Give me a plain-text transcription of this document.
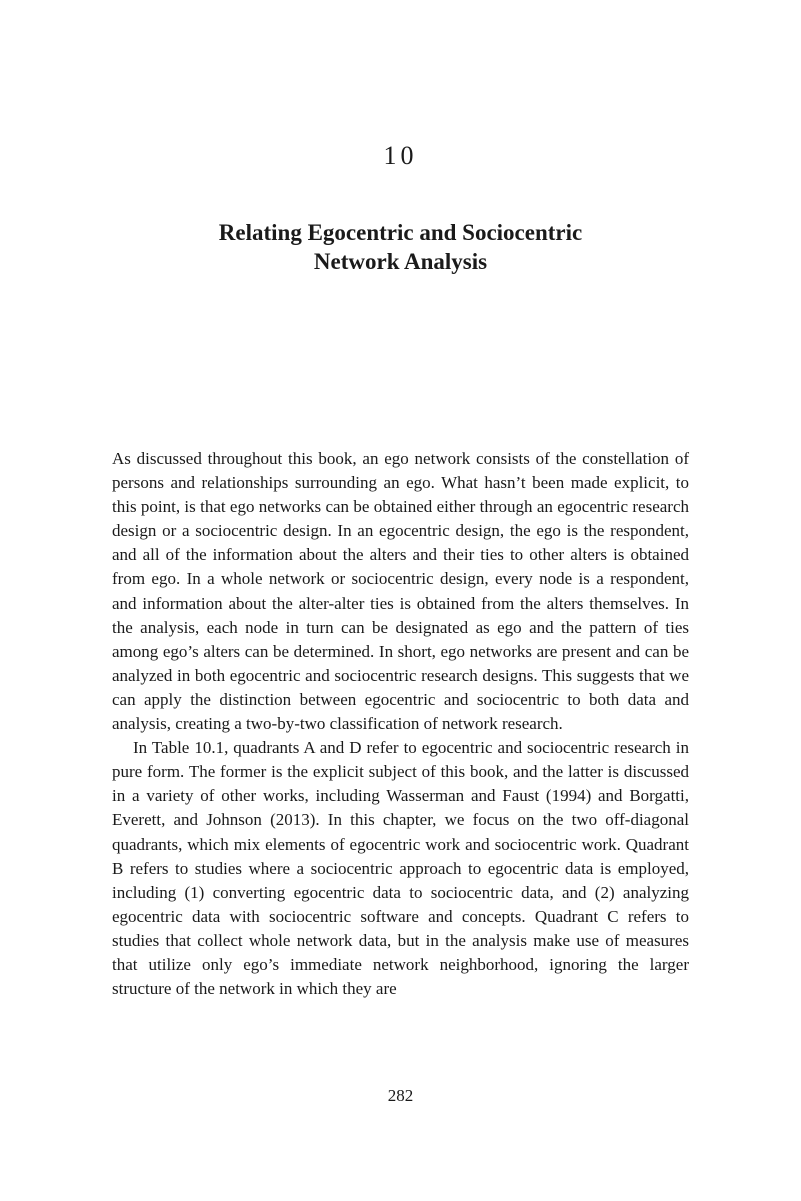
10
Relating Egocentric and Sociocentric
Network Analysis

As discussed throughout this book, an ego network consists of the constellation of persons and relationships surrounding an ego. What hasn’t been made explicit, to this point, is that ego networks can be obtained either through an egocentric research design or a sociocentric design. In an egocentric design, the ego is the respondent, and all of the information about the alters and their ties to other alters is obtained from ego. In a whole network or sociocentric design, every node is a respondent, and information about the alter-alter ties is obtained from the alters themselves. In the analysis, each node in turn can be designated as ego and the pattern of ties among ego’s alters can be determined. In short, ego networks are present and can be analyzed in both egocentric and sociocentric research designs. This suggests that we can apply the distinction between egocentric and sociocentric to both data and analysis, creating a two-by-two classification of network research.

In Table 10.1, quadrants A and D refer to egocentric and sociocentric research in pure form. The former is the explicit subject of this book, and the latter is discussed in a variety of other works, including Wasserman and Faust (1994) and Borgatti, Everett, and Johnson (2013). In this chapter, we focus on the two off-diagonal quadrants, which mix elements of egocentric work and sociocentric work. Quadrant B refers to studies where a sociocentric approach to egocentric data is employed, including (1) converting egocentric data to sociocentric data, and (2) analyzing egocentric data with sociocentric software and concepts. Quadrant C refers to studies that collect whole network data, but in the analysis make use of measures that utilize only ego’s immediate network neighborhood, ignoring the larger structure of the network in which they are

282
